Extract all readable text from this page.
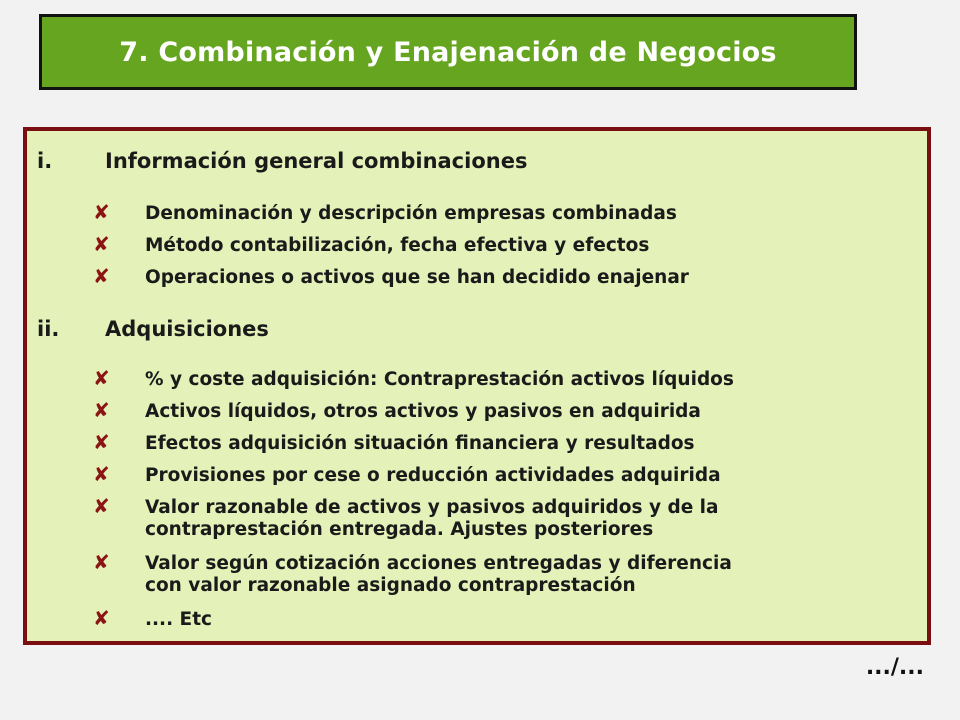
7. Combinación y Enajenación de Negocios
i.	Información general combinaciones
✘ Denominación y descripción empresas combinadas
✘ Método contabilización, fecha efectiva y efectos
✘ Operaciones o activos que se han decidido enajenar
ii. Adquisiciones
✘ % y coste adquisición: Contraprestación activos líquidos
✘ Activos líquidos, otros activos y pasivos en adquirida
✘ Efectos adquisición situación financiera y resultados
✘ Provisiones por cese o reducción actividades adquirida
✘ Valor razonable de activos y pasivos adquiridos y de la
contraprestación entregada. Ajustes posteriores
✘ Valor según cotización acciones entregadas y diferencia
con valor razonable asignado contraprestación
✘ .... Etc
.../...
